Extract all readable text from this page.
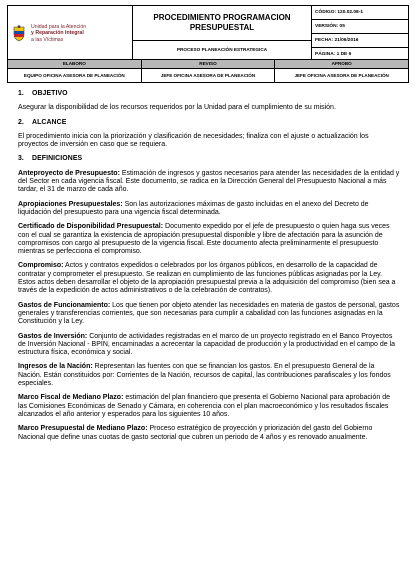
Unidad para la Atención
y Reparación Integral
a las Víctimas

PROCEDIMIENTO PROGRAMACION PRESUPUESTAL
PROCESO PLANEACIÓN ESTRATEGICA

CÓDIGO: 120.02.08-1
VERSIÓN: 05
FECHA: 21/06/2016
PÁGINA: 1 DE 6
ELABORO	REVISO	APROBO
EQUIPO OFICINA ASESORA DE PLANEACIÓN	JEFE OFICINA ASESORA DE PLANEACIÓN	JEFE OFICINA ASESORA DE PLANEACIÓN
1. OBJETIVO

Asegurar la disponibilidad de los recursos requeridos por la Unidad para el cumplimiento de su misión.

2. ALCANCE

El procedimiento inicia con la priorización y clasificación de necesidades; finaliza con el ajuste o actualización los proyectos de inversión en caso que se requiera.

3. DEFINICIONES

Anteproyecto de Presupuesto: Estimación de ingresos y gastos necesarios para atender las necesidades de la entidad y del Sector en cada vigencia fiscal. Este documento, se radica en la Dirección General del Presupuesto Nacional a más tardar, el 31 de marzo de cada año.

Apropiaciones Presupuestales: Son las autorizaciones máximas de gasto incluidas en el anexo del Decreto de liquidación del presupuesto para una vigencia fiscal determinada.

Certificado de Disponibilidad Presupuestal: Documento expedido por el jefe de presupuesto o quien haga sus veces con el cual se garantiza la existencia de apropiación presupuestal disponible y libre de afectación para la asunción de compromisos con cargo al presupuesto de la vigencia fiscal. Este documento afecta preliminarmente el presupuesto mientras se perfecciona el compromiso.

Compromiso: Actos y contratos expedidos o celebrados por los órganos públicos, en desarrollo de la capacidad de contratar y comprometer el presupuesto. Se realizan en cumplimiento de las funciones públicas asignadas por la Ley. Estos actos deben desarrollar el objeto de la apropiación presupuestal previa a la adquisición del compromiso (bien sea a través de la expedición de actos administrativos o de la celebración de contratos).

Gastos de Funcionamiento: Los que tienen por objeto atender las necesidades en materia de gastos de personal, gastos generales y transferencias corrientes, que son necesarias para cumplir a cabalidad con las funciones asignadas en la Constitución y la Ley.

Gastos de Inversión: Conjunto de actividades registradas en el marco de un proyecto registrado en el Banco Proyectos de Inversión Nacional - BPIN, encaminadas a acrecentar la capacidad de producción y la productividad en el campo de la estructura física, económica y social.

Ingresos de la Nación: Representan las fuentes con que se financian los gastos. En el presupuesto General de la Nación. Están constituidos por: Corrientes de la Nación, recursos de capital, las contribuciones parafiscales y los fondos especiales.

Marco Fiscal de Mediano Plazo: estimación del plan financiero que presenta el Gobierno Nacional para aprobación de las Comisiones Económicas de Senado y Cámara, en coherencia con el plan macroeconómico y los resultados fiscales alcanzados el año anterior y esperados para los siguientes 10 años.

Marco Presupuestal de Mediano Plazo: Proceso estratégico de proyección y priorización del gasto del Gobierno Nacional que define unas cuotas de gasto sectorial que cubren un periodo de 4 años y es renovado anualmente.
